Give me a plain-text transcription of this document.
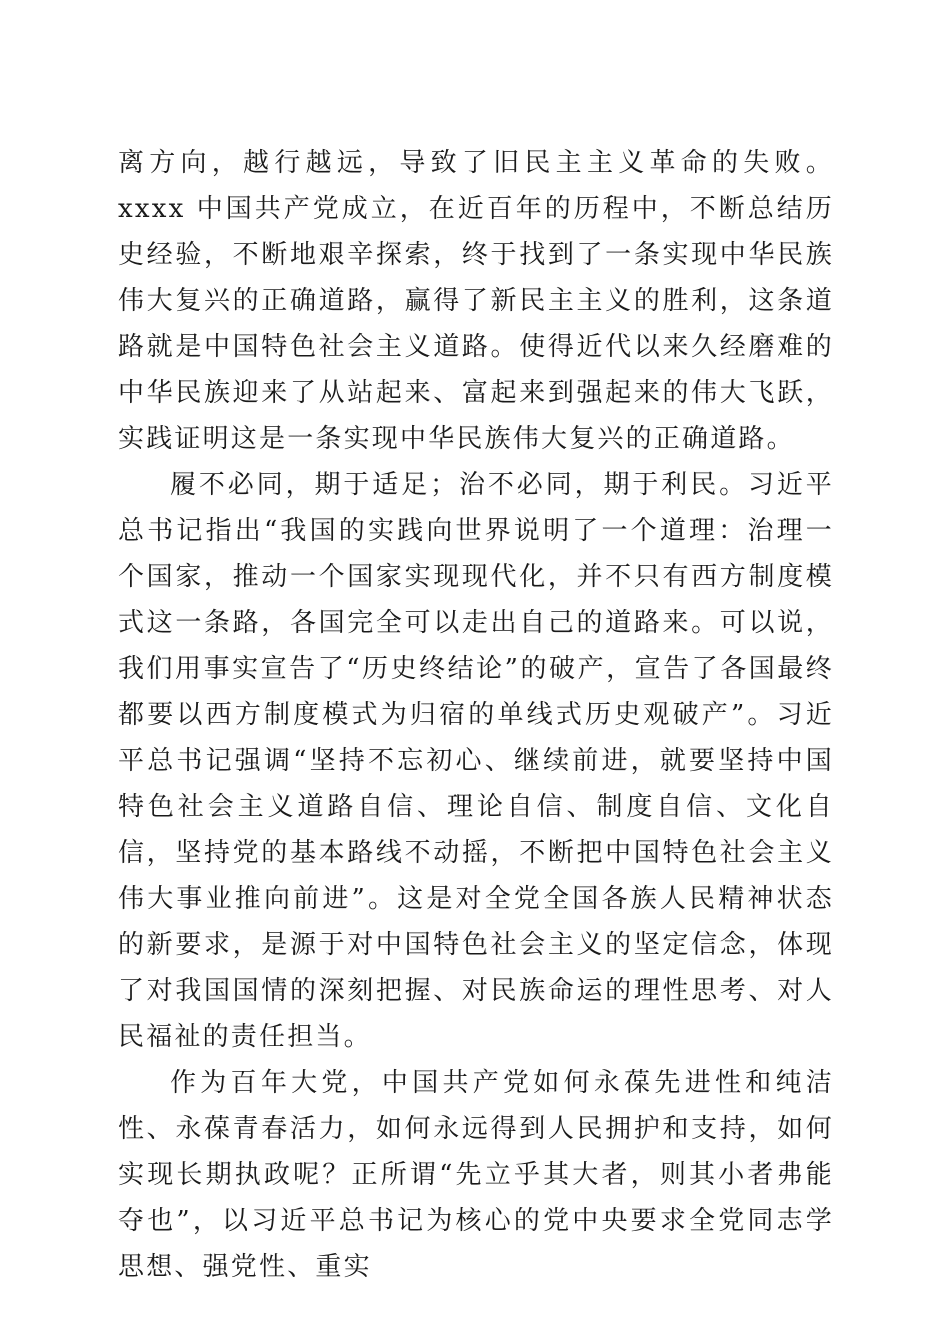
离方向，越行越远，导致了旧民主主义革命的失败。xxxx 中国共产党成立，在近百年的历程中，不断总结历史经验，不断地艰辛探索，终于找到了一条实现中华民族伟大复兴的正确道路，赢得了新民主主义的胜利，这条道路就是中国特色社会主义道路。使得近代以来久经磨难的中华民族迎来了从站起来、富起来到强起来的伟大飞跃，实践证明这是一条实现中华民族伟大复兴的正确道路。

履不必同，期于适足；治不必同，期于利民。习近平总书记指出“我国的实践向世界说明了一个道理：治理一个国家，推动一个国家实现现代化，并不只有西方制度模式这一条路，各国完全可以走出自己的道路来。可以说，我们用事实宣告了“历史终结论”的破产，宣告了各国最终都要以西方制度模式为归宿的单线式历史观破产”。习近平总书记强调“坚持不忘初心、继续前进，就要坚持中国特色社会主义道路自信、理论自信、制度自信、文化自信，坚持党的基本路线不动摇，不断把中国特色社会主义伟大事业推向前进”。这是对全党全国各族人民精神状态的新要求，是源于对中国特色社会主义的坚定信念，体现了对我国国情的深刻把握、对民族命运的理性思考、对人民福祉的责任担当。

作为百年大党，中国共产党如何永葆先进性和纯洁性、永葆青春活力，如何永远得到人民拥护和支持，如何实现长期执政呢？正所谓“先立乎其大者，则其小者弗能夺也”，以习近平总书记为核心的党中央要求全党同志学思想、强党性、重实
